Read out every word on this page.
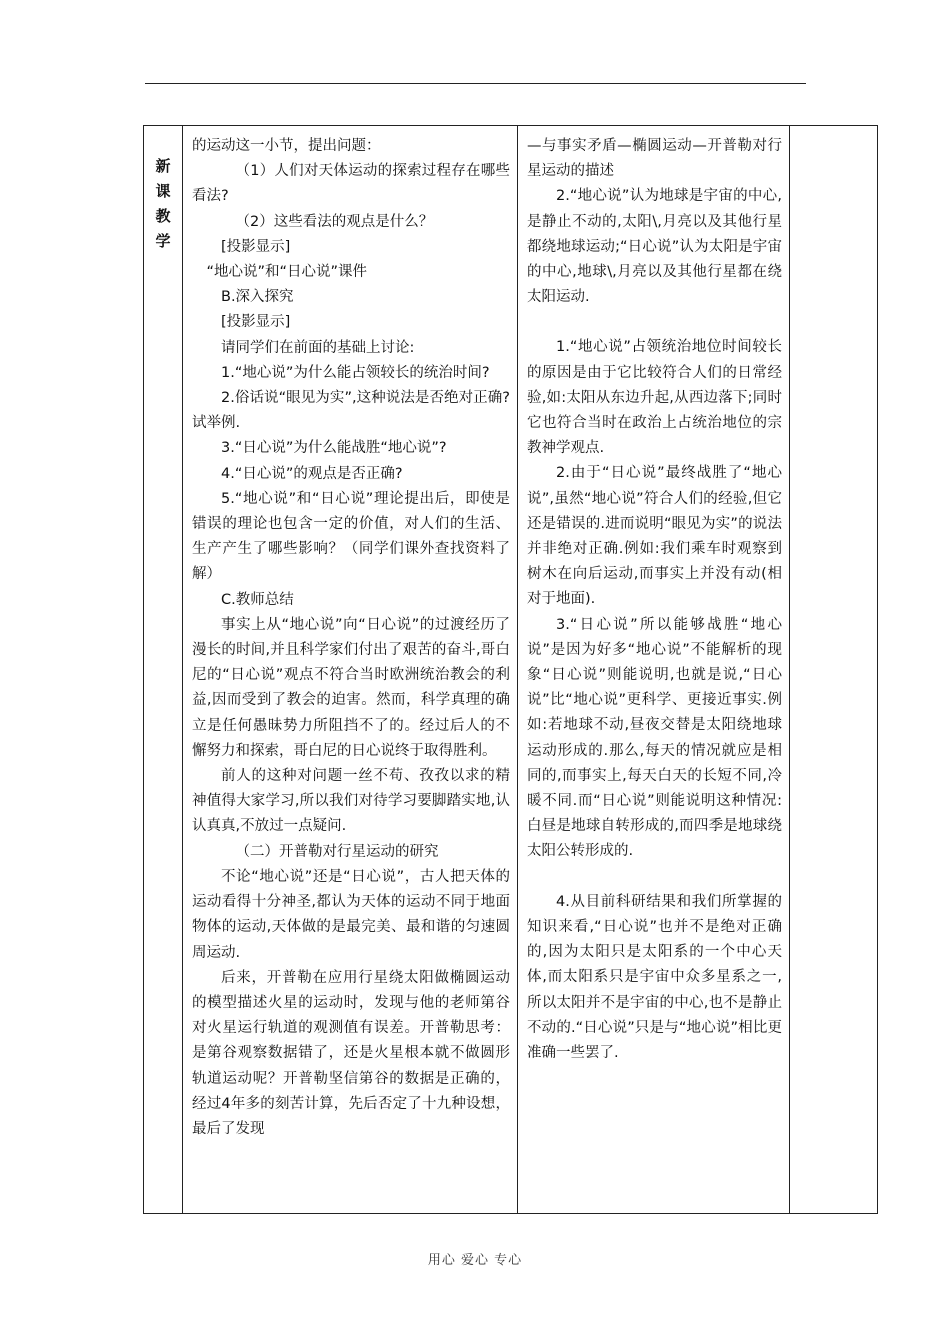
新
课
教
学

的运动这一小节，提出问题：

（1）人们对天体运动的探索过程存在哪些看法?

（2）这些看法的观点是什么？

[投影显示]

“地心说”和“日心说”课件

B.深入探究

[投影显示]

请同学们在前面的基础上讨论:

1.“地心说”为什么能占领较长的统治时间?

2.俗话说“眼见为实”,这种说法是否绝对正确?试举例.

3.“日心说”为什么能战胜“地心说”?

4.“日心说”的观点是否正确?

5.“地心说”和“日心说”理论提出后，即使是错误的理论也包含一定的价值，对人们的生活、生产产生了哪些影响？（同学们课外查找资料了解）

C.教师总结

事实上从“地心说”向“日心说”的过渡经历了漫长的时间,并且科学家们付出了艰苦的奋斗,哥白尼的“日心说”观点不符合当时欧洲统治教会的利益,因而受到了教会的迫害。然而，科学真理的确立是任何愚昧势力所阻挡不了的。经过后人的不懈努力和探索，哥白尼的日心说终于取得胜利。

前人的这种对问题一丝不苟、孜孜以求的精神值得大家学习,所以我们对待学习要脚踏实地,认认真真,不放过一点疑问.

（二）开普勒对行星运动的研究

不论“地心说”还是“日心说”，古人把天体的运动看得十分神圣,都认为天体的运动不同于地面物体的运动,天体做的是最完美、最和谐的匀速圆周运动.

后来，开普勒在应用行星绕太阳做椭圆运动的模型描述火星的运动时，发现与他的老师第谷对火星运行轨道的观测值有误差。开普勒思考：是第谷观察数据错了，还是火星根本就不做圆形轨道运动呢？开普勒坚信第谷的数据是正确的，经过4年多的刻苦计算，先后否定了十九种设想，最后了发现

—与事实矛盾—椭圆运动—开普勒对行星运动的描述

2.“地心说”认为地球是宇宙的中心,是静止不动的,太阳\,月亮以及其他行星都绕地球运动;“日心说”认为太阳是宇宙的中心,地球\,月亮以及其他行星都在绕太阳运动.

1.“地心说”占领统治地位时间较长的原因是由于它比较符合人们的日常经验,如:太阳从东边升起,从西边落下;同时它也符合当时在政治上占统治地位的宗教神学观点.

2.由于“日心说”最终战胜了“地心说”,虽然“地心说”符合人们的经验,但它还是错误的.进而说明“眼见为实”的说法并非绝对正确.例如:我们乘车时观察到树木在向后运动,而事实上并没有动(相对于地面).

3.“日心说”所以能够战胜“地心说”是因为好多“地心说”不能解析的现象“日心说”则能说明,也就是说,“日心说”比“地心说”更科学、更接近事实.例如:若地球不动,昼夜交替是太阳绕地球运动形成的.那么,每天的情况就应是相同的,而事实上,每天白天的长短不同,冷暖不同.而“日心说”则能说明这种情况:白昼是地球自转形成的,而四季是地球绕太阳公转形成的.

4.从目前科研结果和我们所掌握的知识来看,“日心说”也并不是绝对正确的,因为太阳只是太阳系的一个中心天体,而太阳系只是宇宙中众多星系之一,所以太阳并不是宇宙的中心,也不是静止不动的.“日心说”只是与“地心说”相比更准确一些罢了.

用心 爱心 专心
